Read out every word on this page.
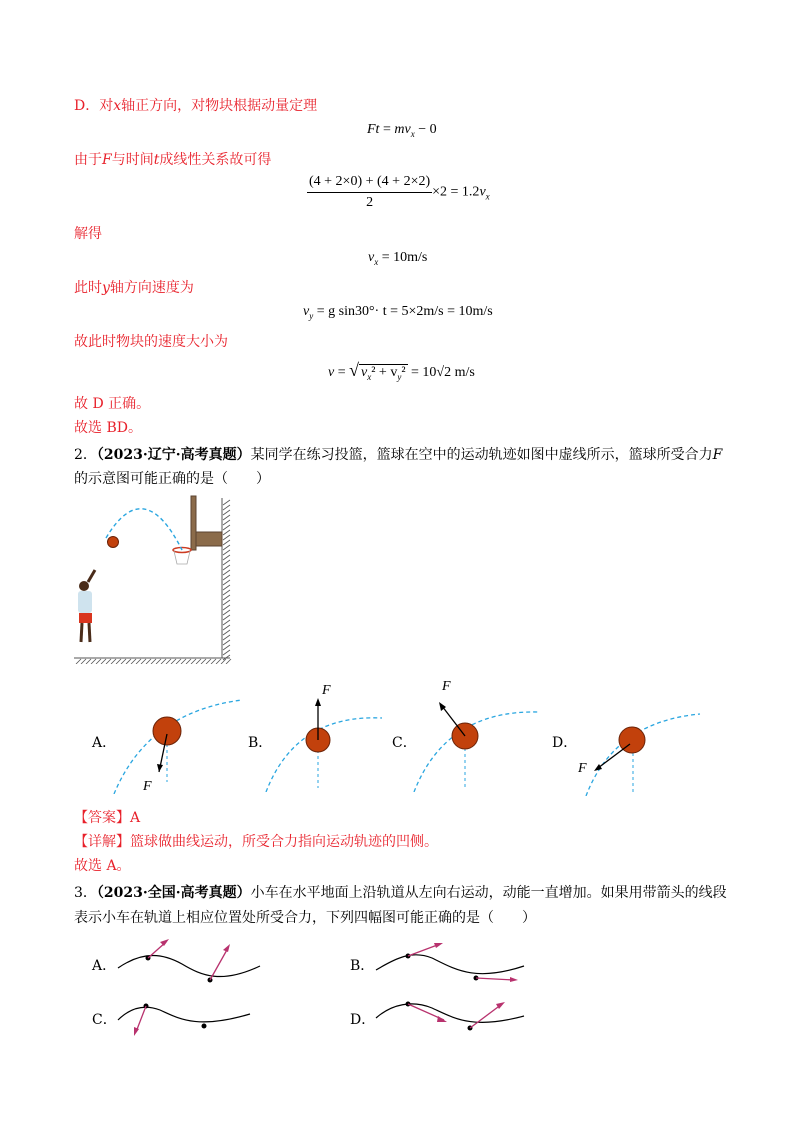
D．对x轴正方向，对物块根据动量定理
$Ft = mv_x - 0$
由于F与时间t成线性关系故可得
$\frac{(4 + 2\times 0) + (4 + 2\times 2)}{2} \times 2 = 1.2v_x$
解得
$v_x = 10m/s$
此时y轴方向速度为
$v_y = g$ sin30°· t = 5×2m/s = 10m/s
故此时物块的速度大小为
v = √ $v_x^2 + v_y^2 = 10√2$ m/s
故 D 正确。
故选 BD。
2．（2023·辽宁·高考真题）某同学在练习投篮，篮球在空中的运动轨迹如图中虚线所示，篮球所受合力F
的示意图可能正确的是（　　）
A．
F
B．
F
C．
F
D．
F
【答案】A
【详解】篮球做曲线运动，所受合力指向运动轨迹的凹侧。
故选 A。
3．（2023·全国·高考真题）小车在水平地面上沿轨道从左向右运动，动能一直增加。如果用带箭头的线段
表示小车在轨道上相应位置处所受合力，下列四幅图可能正确的是（　　）
A．	B．
C．	D．
